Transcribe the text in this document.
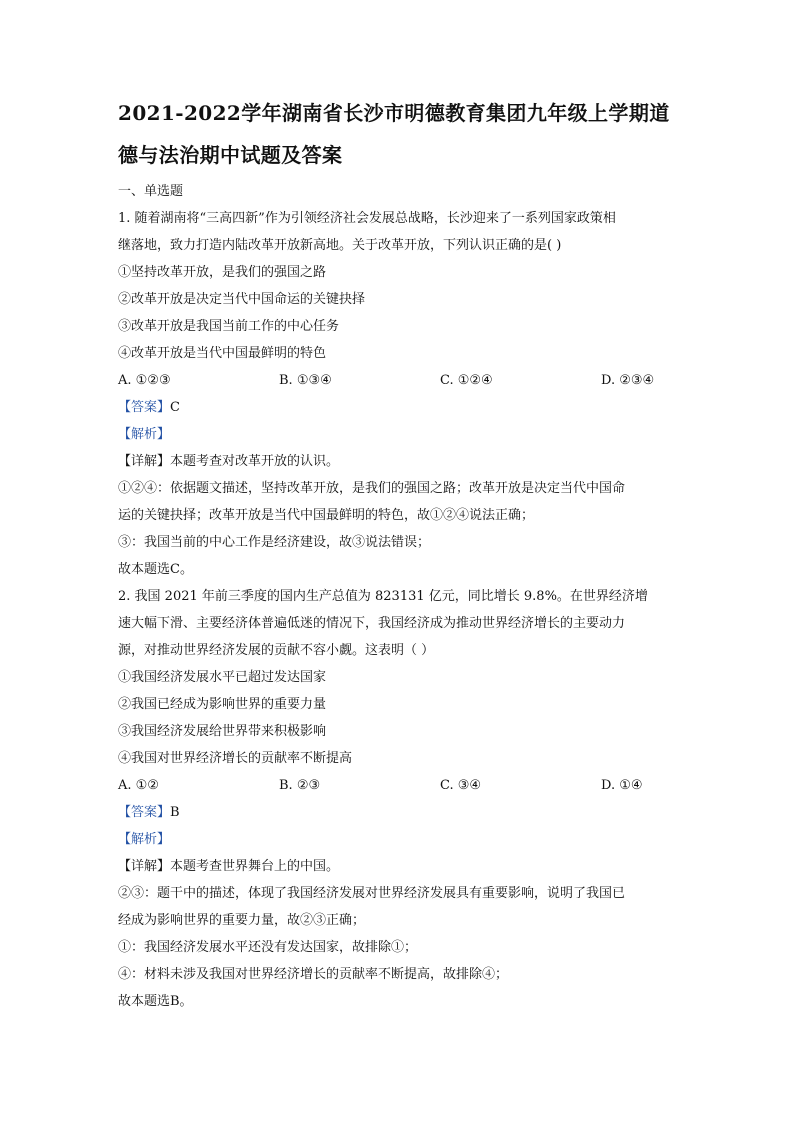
2021-2022学年湖南省长沙市明德教育集团九年级上学期道
德与法治期中试题及答案

一、单选题

1. 随着湖南将“三高四新”作为引领经济社会发展总战略，长沙迎来了一系列国家政策相

继落地，致力打造内陆改革开放新高地。关于改革开放，下列认识正确的是( )

①坚持改革开放，是我们的强国之路

②改革开放是决定当代中国命运的关键抉择

③改革开放是我国当前工作的中心任务

④改革开放是当代中国最鲜明的特色

A. ①②③	B. ①③④	C. ①②④	D. ②③④

【答案】C

【解析】

【详解】本题考查对改革开放的认识。

①②④：依据题文描述，坚持改革开放，是我们的强国之路；改革开放是决定当代中国命

运的关键抉择；改革开放是当代中国最鲜明的特色，故①②④说法正确；

③：我国当前的中心工作是经济建设，故③说法错误；

故本题选C。

2. 我国 2021 年前三季度的国内生产总值为 823131 亿元，同比增长 9.8%。在世界经济增

速大幅下滑、主要经济体普遍低迷的情况下，我国经济成为推动世界经济增长的主要动力

源，对推动世界经济发展的贡献不容小觑。这表明（ ）

①我国经济发展水平已超过发达国家

②我国已经成为影响世界的重要力量

③我国经济发展给世界带来积极影响

④我国对世界经济增长的贡献率不断提高

A. ①②	B. ②③	C. ③④	D. ①④

【答案】B

【解析】

【详解】本题考查世界舞台上的中国。

②③：题干中的描述，体现了我国经济发展对世界经济发展具有重要影响，说明了我国已

经成为影响世界的重要力量，故②③正确；

①：我国经济发展水平还没有发达国家，故排除①；

④：材料未涉及我国对世界经济增长的贡献率不断提高，故排除④；

故本题选B。
